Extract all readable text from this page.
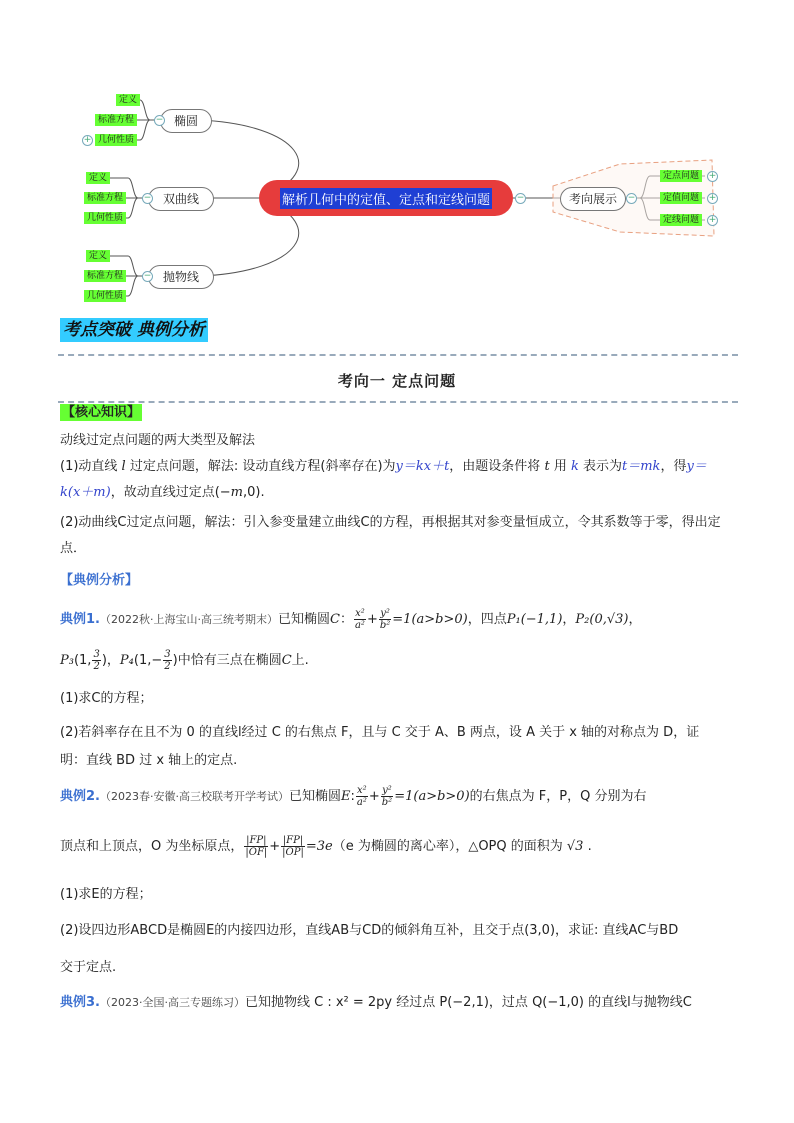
解析几何中的定值、定点和定线问题
椭圆
双曲线
抛物线
考向展示
定义
标准方程
几何性质
定义
标准方程
几何性质
定义
标准方程
几何性质
定点问题
定值问题
定线问题
−
+
−
−
−	−
+
+
+
考点突破 典例分析
考向一 定点问题
【核心知识】
动线过定点问题的两大类型及解法
(1)动直线 l 过定点问题，解法: 设动直线方程(斜率存在)为y＝kx＋t，由题设条件将 t 用 k 表示为t＝mk，得y＝
k(x＋m)，故动直线过定点(−m,0).
(2)动曲线C过定点问题，解法：引入参变量建立曲线C的方程，再根据其对参变量恒成立，令其系数等于零，得出定点．
【典例分析】
典例1.（2022秋·上海宝山·高三统考期末）已知椭圆C： $\frac{\text{x²}}{\text{a²}} + \frac{\text{y²}}{\text{b²}} =1(a>b>0)$，四点P₁(−1,1)，P₂(0,√3)，
P₃(1, $\frac{3}{2}$ )，$P_4(1,- \frac{3}{2}$ )中恰有三点在椭圆C上.
(1)求C的方程；
(2)若斜率存在且不为 0 的直线l经过 C 的右焦点 F，且与 C 交于 A、B 两点，设 A 关于 x 轴的对称点为 D，证
明：直线 BD 过 x 轴上的定点.
典例2.（2023春·安徽·高三校联考开学考试）已知椭圆E: $\frac{\text{x²}}{\text{a²}} + \frac{\text{y²}}{\text{b²}} =1(a>b>0)$的右焦点为 F，P，Q 分别为右
顶点和上顶点，O 为坐标原点， $\frac{|FP|}{|OF|} + \frac{|FP|}{|OP|} =3e(e$ 为椭圆的离心率），△OPQ 的面积为 √3 .
(1)求E的方程；
(2)设四边形ABCD是椭圆E的内接四边形，直线AB与CD的倾斜角互补，且交于点(3,0)，求证: 直线AC与BD
交于定点.
典例3.（2023·全国·高三专题练习）已知抛物线 C : x² = 2py 经过点 P(−2,1)，过点 Q(−1,0) 的直线l与抛物线C
